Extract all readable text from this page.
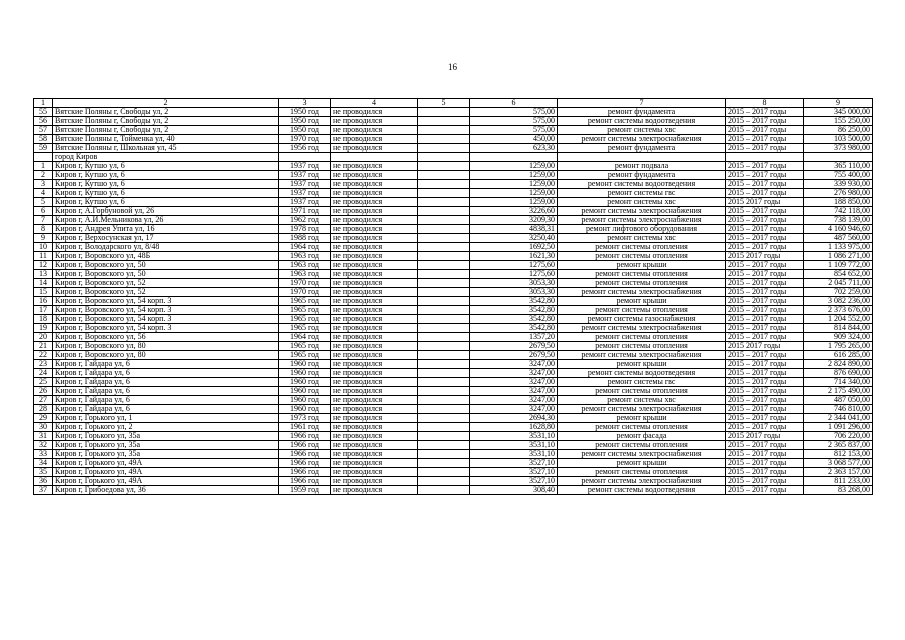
16
1	2	3	4	5	6	7	8	9
55	Вятские Поляны г, Свободы ул, 2	1950 год	не проводился		575,00	ремонт фундамента	2015 – 2017 годы	345 000,00
56	Вятские Поляны г, Свободы ул, 2	1950 год	не проводился		575,00	ремонт системы водоотведения	2015 – 2017 годы	155 250,00
57	Вятские Поляны г, Свободы ул, 2	1950 год	не проводился		575,00	ремонт системы хвс	2015 – 2017 годы	86 250,00
58	Вятские Поляны г, Тойменка ул, 40	1970 год	не проводился		450,00	ремонт системы электроснабжения	2015 – 2017 годы	103 500,00
59	Вятские Поляны г, Школьная ул, 45	1956 год	не проводился		623,30	ремонт фундамента	2015 – 2017 годы	373 980,00
	город Киров							
1	Киров г, Кутшо ул, 6	1937 год	не проводился		1259,00	ремонт подвала	2015 – 2017 годы	365 110,00
2	Киров г, Кутшо ул, 6	1937 год	не проводился		1259,00	ремонт фундамента	2015 – 2017 годы	755 400,00
3	Киров г, Кутшо ул, 6	1937 год	не проводился		1259,00	ремонт системы водоотведения	2015 – 2017 годы	339 930,00
4	Киров г, Кутшо ул, 6	1937 год	не проводился		1259,00	ремонт системы гвс	2015 – 2017 годы	276 980,00
5	Киров г, Кутшо ул, 6	1937 год	не проводился		1259,00	ремонт системы хвс	2015 2017 годы	188 850,00
6	Киров г, А.Горбуновой ул, 26	1971 год	не проводился		3226,60	ремонт системы электроснабжения	2015 – 2017 годы	742 118,00
7	Киров г, А.И.Мельникова ул, 26	1962 год	не проводился		3209,30	ремонт системы электроснабжения	2015 – 2017 годы	738 139,00
8	Киров г, Андрея Упита ул, 16	1978 год	не проводился		4838,31	ремонт лифтового оборудования	2015 – 2017 годы	4 160 946,60
9	Киров г, Верхосунская ул, 17	1988 год	не проводился		3250,40	ремонт системы хвс	2015 – 2017 годы	487 560,00
10	Киров г, Володарского ул, 8/48	1964 год	не проводился		1692,50	ремонт системы отопления	2015 – 2017 годы	1 133 975,00
11	Киров г, Воровского ул, 48Б	1963 год	не проводился		1621,30	ремонт системы отопления	2015 2017 годы	1 086 271,00
12	Киров г, Воровского ул, 50	1963 год	не проводился		1275,60	ремонт крыши	2015 – 2017 годы	1 109 772,00
13	Киров г, Воровского ул, 50	1963 год	не проводился		1275,60	ремонт системы отопления	2015 – 2017 годы	854 652,00
14	Киров г, Воровского ул, 52	1970 год	не проводился		3053,30	ремонт системы отопления	2015 – 2017 годы	2 045 711,00
15	Киров г, Воровского ул, 52	1970 год	не проводился		3053,30	ремонт системы электроснабжения	2015 – 2017 годы	702 259,00
16	Киров г, Воровского ул, 54 корп. 3	1965 год	не проводился		3542,80	ремонт крыши	2015 – 2017 годы	3 082 236,00
17	Киров г, Воровского ул, 54 корп. 3	1965 год	не проводился		3542,80	ремонт системы отопления	2015 – 2017 годы	2 373 676,00
18	Киров г, Воровского ул, 54 корп. 3	1965 год	не проводился		3542,80	ремонт системы газоснабжения	2015 – 2017 годы	1 204 552,00
19	Киров г, Воровского ул, 54 корп. 3	1965 год	не проводился		3542,80	ремонт системы электроснабжения	2015 – 2017 годы	814 844,00
20	Киров г, Воровского ул, 56	1964 год	не проводился		1357,20	ремонт системы отопления	2015 – 2017 годы	909 324,00
21	Киров г, Воровского ул, 80	1965 год	не проводился		2679,50	ремонт системы отопления	2015 2017 годы	1 795 265,00
22	Киров г, Воровского ул, 80	1965 год	не проводился		2679,50	ремонт системы электроснабжения	2015 – 2017 годы	616 285,00
23	Киров г, Гайдара ул, 6	1960 год	не проводился		3247,00	ремонт крыши	2015 – 2017 годы	2 824 890,00
24	Киров г, Гайдара ул, 6	1960 год	не проводился		3247,00	ремонт системы водоотведения	2015 – 2017 годы	876 690,00
25	Киров г, Гайдара ул, 6	1960 год	не проводился		3247,00	ремонт системы гвс	2015 – 2017 годы	714 340,00
26	Киров г, Гайдара ул, 6	1960 год	не проводился		3247,00	ремонт системы отопления	2015 – 2017 годы	2 175 490,00
27	Киров г, Гайдара ул, 6	1960 год	не проводился		3247,00	ремонт системы хвс	2015 – 2017 годы	487 050,00
28	Киров г, Гайдара ул, 6	1960 год	не проводился		3247,00	ремонт системы электроснабжения	2015 – 2017 годы	746 810,00
29	Киров г, Горького ул, 1	1973 год	не проводился		2694,30	ремонт крыши	2015 – 2017 годы	2 344 041,00
30	Киров г, Горького ул, 2	1961 год	не проводился		1628,80	ремонт системы отопления	2015 – 2017 годы	1 091 296,00
31	Киров г, Горького ул, 35а	1966 год	не проводился		3531,10	ремонт фасада	2015 2017 годы	706 220,00
32	Киров г, Горького ул, 35а	1966 год	не проводился		3531,10	ремонт системы отопления	2015 – 2017 годы	2 365 837,00
33	Киров г, Горького ул, 35а	1966 год	не проводился		3531,10	ремонт системы электроснабжения	2015 – 2017 годы	812 153,00
34	Киров г, Горького ул, 49А	1966 год	не проводился		3527,10	ремонт крыши	2015 – 2017 годы	3 068 577,00
35	Киров г, Горького ул, 49А	1966 год	не проводился		3527,10	ремонт системы отопления	2015 – 2017 годы	2 363 157,00
36	Киров г, Горького ул, 49А	1966 год	не проводился		3527,10	ремонт системы электроснабжения	2015 – 2017 годы	811 233,00
37	Киров г, Грибоедова ул, 36	1959 год	не проводился		308,40	ремонт системы водоотведения	2015 – 2017 годы	83 268,00
